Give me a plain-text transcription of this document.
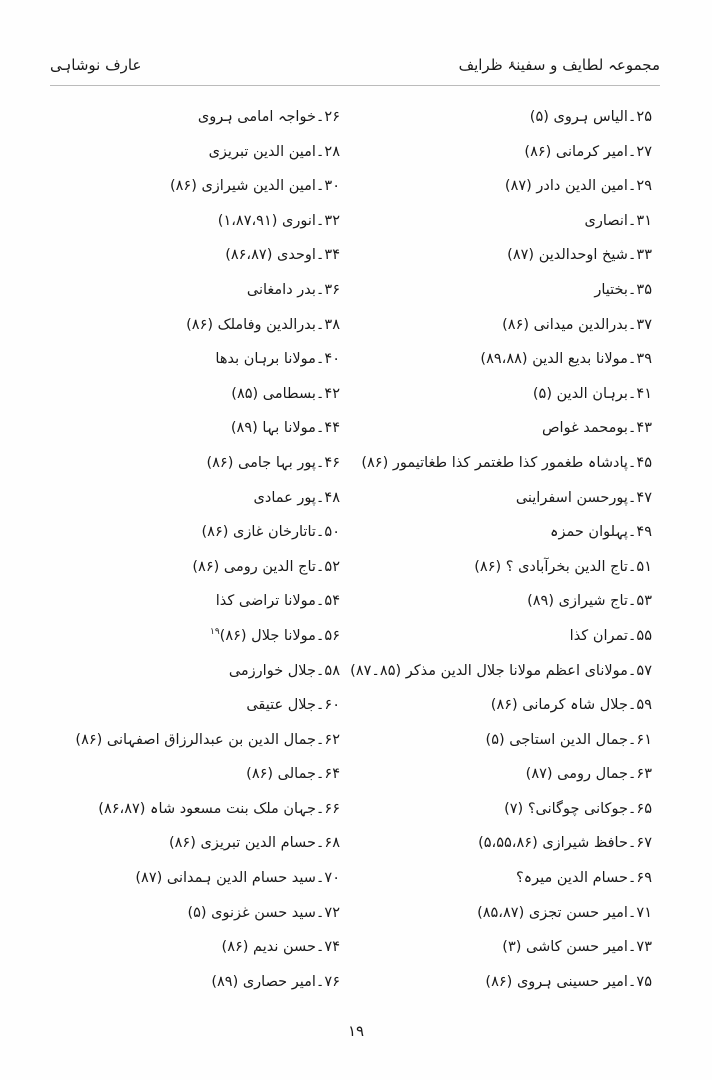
مجموعہ لطایف و سفینۂ ظرایف
عارف نوشاہی
۲۵۔الیاس ہروی (۵)
۲۷۔امیر کرمانی (۸۶)
۲۹۔امین الدین دادر (۸۷)
۳۱۔انصاری
۳۳۔شیخ اوحدالدین (۸۷)
۳۵۔بختیار
۳۷۔بدرالدین میدانی (۸۶)
۳۹۔مولانا بدیع الدین (۸۹،۸۸)
۴۱۔برہان الدین (۵)
۴۳۔بومحمد غواص
۴۵۔پادشاہ طغمور کذا طغتمر کذا طغاتیمور (۸۶)
۴۷۔پورحسن اسفراینی
۴۹۔پہلوان حمزہ
۵۱۔تاج الدین بخرآبادی ؟ (۸۶)
۵۳۔تاج شیرازی (۸۹)
۵۵۔تمران کذا
۵۷۔مولانای اعظم مولانا جلال الدین مذکر (۸۵۔۸۷)
۵۹۔جلال شاہ کرمانی (۸۶)
۶۱۔جمال الدین استاجی (۵)
۶۳۔جمال رومی (۸۷)
۶۵۔جوکانی چوگانی؟ (۷)
۶۷۔حافظ شیرازی (۵،۵۵،۸۶)
۶۹۔حسام الدین میرہ؟
۷۱۔امیر حسن تجزی (۸۵،۸۷)
۷۳۔امیر حسن کاشی (۳)
۷۵۔امیر حسینی ہروی (۸۶)
۲۶۔خواجہ امامی ہروی
۲۸۔امین الدین تبریزی
۳۰۔امین الدین شیرازی (۸۶)
۳۲۔انوری (۱،۸۷،۹۱)
۳۴۔اوحدی (۸۶،۸۷)
۳۶۔بدر دامغانی
۳۸۔بدرالدین وفاملک (۸۶)
۴۰۔مولانا برہان بدھا
۴۲۔بسطامی (۸۵)
۴۴۔مولانا بہا (۸۹)
۴۶۔پور بہا جامی (۸۶)
۴۸۔پور عمادی
۵۰۔تاتارخان غازی (۸۶)
۵۲۔تاج الدین رومی (۸۶)
۵۴۔مولانا تراضی کذا
۵۶۔مولانا جلال (۸۶)$^{۱۹}$
۵۸۔جلال خوارزمی
۶۰۔جلال عتیقی
۶۲۔جمال الدین بن عبدالرزاق اصفہانی (۸۶)
۶۴۔جمالی (۸۶)
۶۶۔جہان ملک بنت مسعود شاہ (۸۶،۸۷)
۶۸۔حسام الدین تبریزی (۸۶)
۷۰۔سید حسام الدین ہمدانی (۸۷)
۷۲۔سید حسن غزنوی (۵)
۷۴۔حسن ندیم (۸۶)
۷۶۔امیر حصاری (۸۹)
۱۹
